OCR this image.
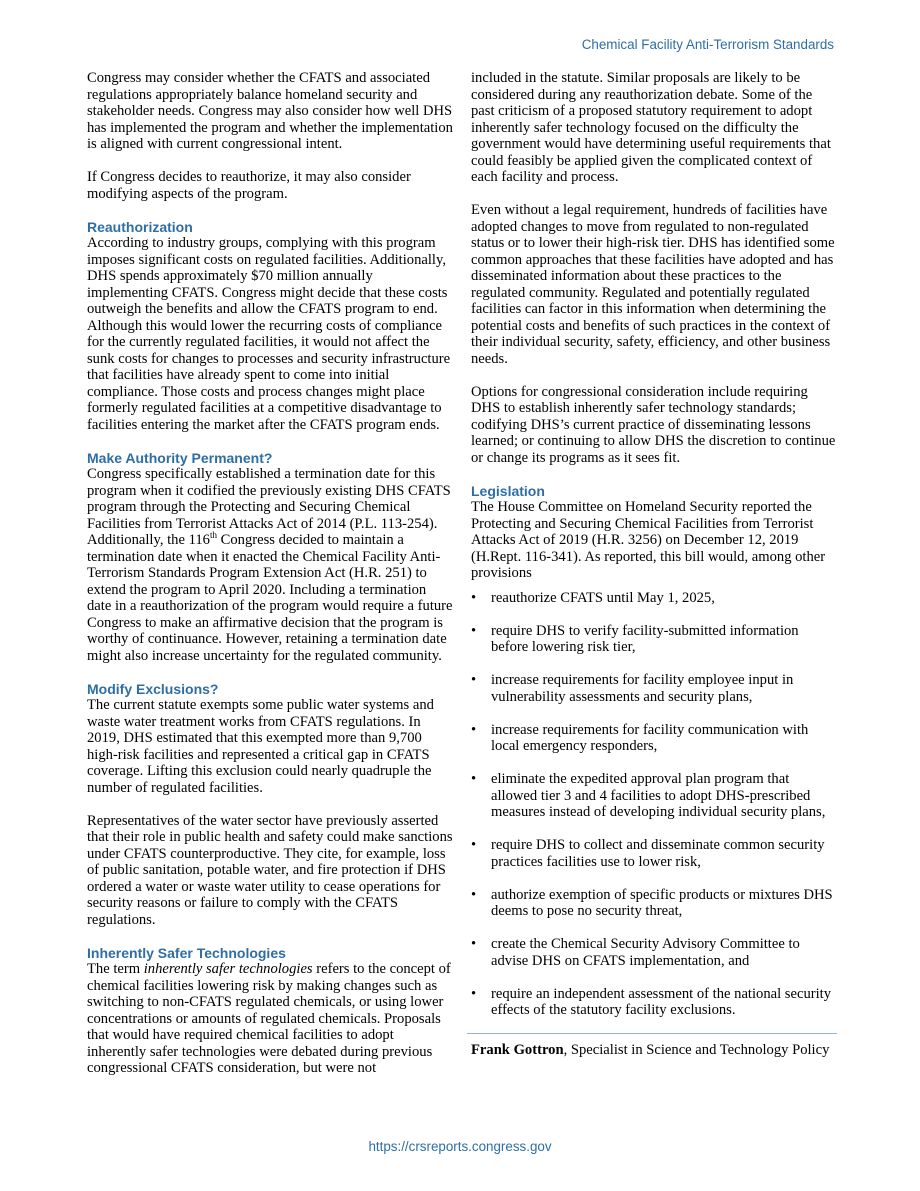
Chemical Facility Anti-Terrorism Standards

Congress may consider whether the CFATS and associated regulations appropriately balance homeland security and stakeholder needs. Congress may also consider how well DHS has implemented the program and whether the implementation is aligned with current congressional intent.

If Congress decides to reauthorize, it may also consider modifying aspects of the program.

Reauthorization

According to industry groups, complying with this program imposes significant costs on regulated facilities. Additionally, DHS spends approximately $70 million annually implementing CFATS. Congress might decide that these costs outweigh the benefits and allow the CFATS program to end. Although this would lower the recurring costs of compliance for the currently regulated facilities, it would not affect the sunk costs for changes to processes and security infrastructure that facilities have already spent to come into initial compliance. Those costs and process changes might place formerly regulated facilities at a competitive disadvantage to facilities entering the market after the CFATS program ends.

Make Authority Permanent?

Congress specifically established a termination date for this program when it codified the previously existing DHS CFATS program through the Protecting and Securing Chemical Facilities from Terrorist Attacks Act of 2014 (P.L. 113-254). Additionally, the 116th Congress decided to maintain a termination date when it enacted the Chemical Facility Anti-Terrorism Standards Program Extension Act (H.R. 251) to extend the program to April 2020. Including a termination date in a reauthorization of the program would require a future Congress to make an affirmative decision that the program is worthy of continuance. However, retaining a termination date might also increase uncertainty for the regulated community.

Modify Exclusions?

The current statute exempts some public water systems and waste water treatment works from CFATS regulations. In 2019, DHS estimated that this exempted more than 9,700 high-risk facilities and represented a critical gap in CFATS coverage. Lifting this exclusion could nearly quadruple the number of regulated facilities.

Representatives of the water sector have previously asserted that their role in public health and safety could make sanctions under CFATS counterproductive. They cite, for example, loss of public sanitation, potable water, and fire protection if DHS ordered a water or waste water utility to cease operations for security reasons or failure to comply with the CFATS regulations.

Inherently Safer Technologies

The term inherently safer technologies refers to the concept of chemical facilities lowering risk by making changes such as switching to non-CFATS regulated chemicals, or using lower concentrations or amounts of regulated chemicals. Proposals that would have required chemical facilities to adopt inherently safer technologies were debated during previous congressional CFATS consideration, but were not

included in the statute. Similar proposals are likely to be considered during any reauthorization debate. Some of the past criticism of a proposed statutory requirement to adopt inherently safer technology focused on the difficulty the government would have determining useful requirements that could feasibly be applied given the complicated context of each facility and process.

Even without a legal requirement, hundreds of facilities have adopted changes to move from regulated to non-regulated status or to lower their high-risk tier. DHS has identified some common approaches that these facilities have adopted and has disseminated information about these practices to the regulated community. Regulated and potentially regulated facilities can factor in this information when determining the potential costs and benefits of such practices in the context of their individual security, safety, efficiency, and other business needs.

Options for congressional consideration include requiring DHS to establish inherently safer technology standards; codifying DHS’s current practice of disseminating lessons learned; or continuing to allow DHS the discretion to continue or change its programs as it sees fit.

Legislation

The House Committee on Homeland Security reported the Protecting and Securing Chemical Facilities from Terrorist Attacks Act of 2019 (H.R. 3256) on December 12, 2019 (H.Rept. 116-341). As reported, this bill would, among other provisions

•	reauthorize CFATS until May 1, 2025,
•	require DHS to verify facility-submitted information before lowering risk tier,
•	increase requirements for facility employee input in vulnerability assessments and security plans,
•	increase requirements for facility communication with local emergency responders,
•	eliminate the expedited approval plan program that allowed tier 3 and 4 facilities to adopt DHS-prescribed measures instead of developing individual security plans,
•	require DHS to collect and disseminate common security practices facilities use to lower risk,
•	authorize exemption of specific products or mixtures DHS deems to pose no security threat,
•	create the Chemical Security Advisory Committee to advise DHS on CFATS implementation, and
•	require an independent assessment of the national security effects of the statutory facility exclusions.

Frank Gottron, Specialist in Science and Technology Policy

https://crsreports.congress.gov
